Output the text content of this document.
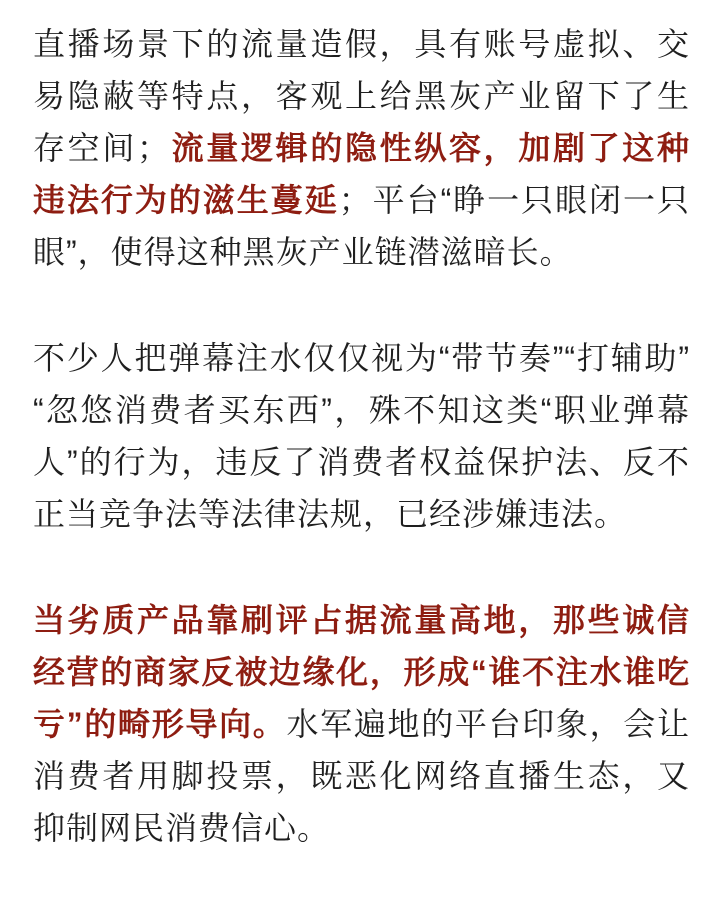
直播场景下的流量造假，具有账号虚拟、交易隐蔽等特点，客观上给黑灰产业留下了生存空间；流量逻辑的隐性纵容，加剧了这种违法行为的滋生蔓延；平台“睁一只眼闭一只眼”，使得这种黑灰产业链潜滋暗长。

不少人把弹幕注水仅仅视为“带节奏”“打辅助”“忽悠消费者买东西”，殊不知这类“职业弹幕人”的行为，违反了消费者权益保护法、反不正当竞争法等法律法规，已经涉嫌违法。

当劣质产品靠刷评占据流量高地，那些诚信经营的商家反被边缘化，形成“谁不注水谁吃亏”的畸形导向。水军遍地的平台印象，会让消费者用脚投票，既恶化网络直播生态，又抑制网民消费信心。
